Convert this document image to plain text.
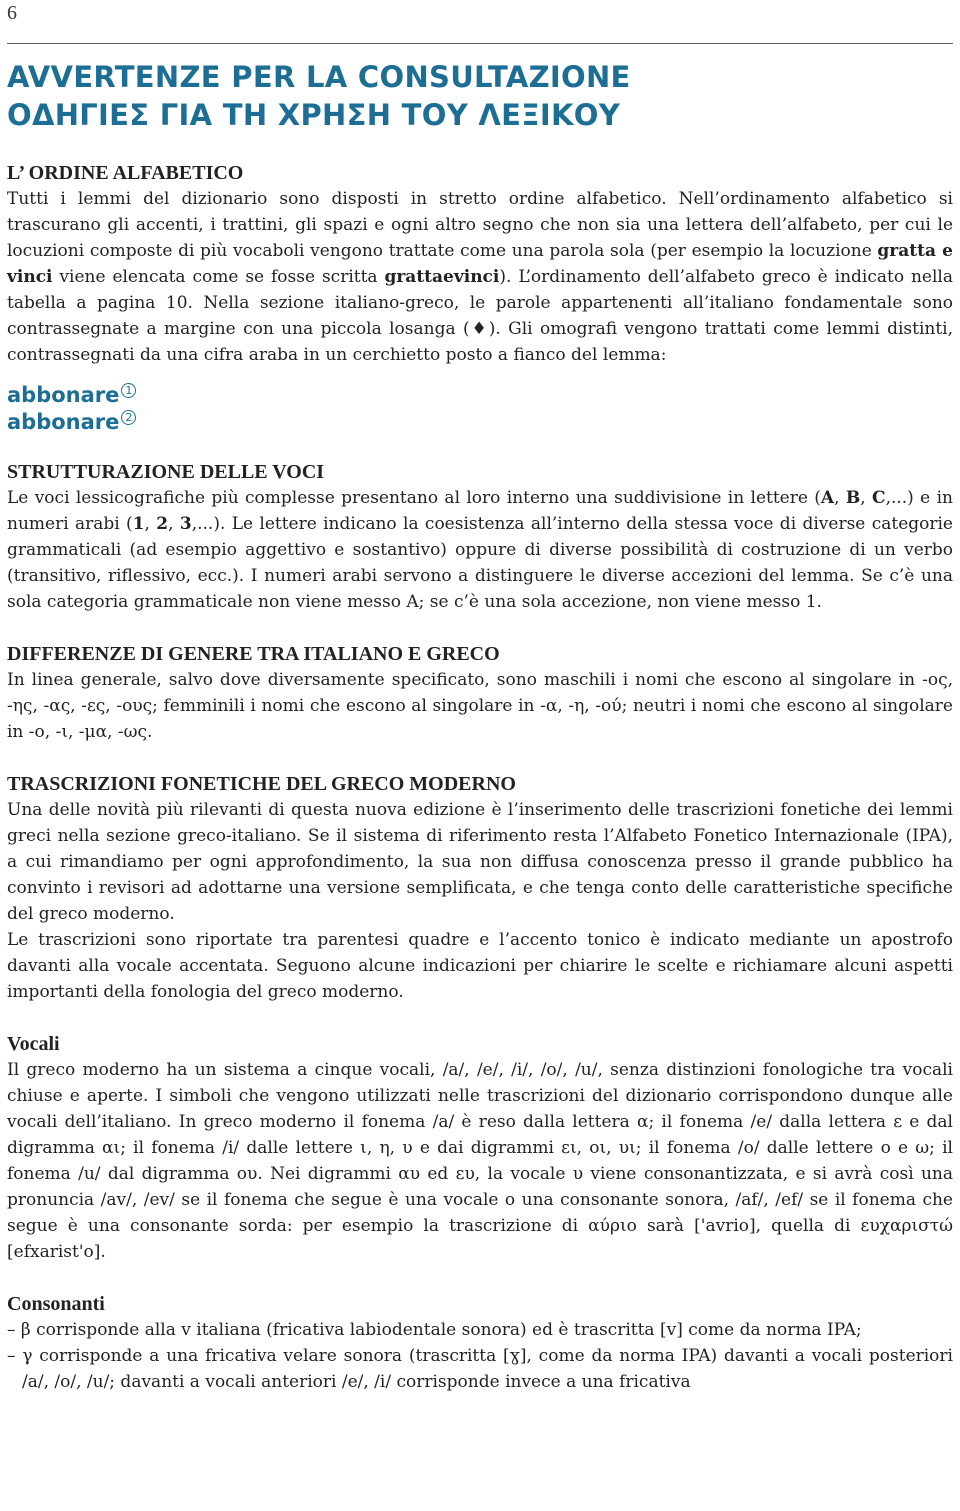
6
AVVERTENZE PER LA CONSULTAZIONE
ΟΔΗΓΙΕΣ ΓΙΑ ΤΗ ΧΡΗΣΗ ΤΟΥ ΛΕΞΙΚΟΥ
L’ ORDINE ALFABETICO

Tutti i lemmi del dizionario sono disposti in stretto ordine alfabetico. Nell’ordinamento alfabetico si trascurano gli accenti, i trattini, gli spazi e ogni altro segno che non sia una lettera dell’alfabeto, per cui le locuzioni composte di più vocaboli vengono trattate come una parola sola (per esempio la locuzione gratta e vinci viene elencata come se fosse scritta grattaevinci). L’ordinamento dell’alfabeto greco è indicato nella tabella a pagina 10. Nella sezione italiano-greco, le parole appartenenti all’italiano fondamentale sono contrassegnate a margine con una piccola losanga (♦). Gli omografi vengono trattati come lemmi distinti, contrassegnati da una cifra araba in un cerchietto posto a fianco del lemma:

abbonare 1

abbonare 2

STRUTTURAZIONE DELLE VOCI

Le voci lessicografiche più complesse presentano al loro interno una suddivisione in lettere (A, B, C,...) e in numeri arabi (1, 2, 3,...). Le lettere indicano la coesistenza all’interno della stessa voce di diverse categorie grammaticali (ad esempio aggettivo e sostantivo) oppure di diverse possibilità di costruzione di un verbo (transitivo, riflessivo, ecc.). I numeri arabi servono a distinguere le diverse accezioni del lemma. Se c’è una sola categoria grammaticale non viene messo A; se c’è una sola accezione, non viene messo 1.

DIFFERENZE DI GENERE TRA ITALIANO E GRECO

In linea generale, salvo dove diversamente specificato, sono maschili i nomi che escono al singolare in -ος, -ης, -ας, -ες, -ους; femminili i nomi che escono al singolare in -α, -η, -ού; neutri i nomi che escono al singolare in -ο, -ι, -μα, -ως.

TRASCRIZIONI FONETICHE DEL GRECO MODERNO

Una delle novità più rilevanti di questa nuova edizione è l’inserimento delle trascrizioni fonetiche dei lemmi greci nella sezione greco-italiano. Se il sistema di riferimento resta l’Alfabeto Fonetico Internazionale (IPA), a cui rimandiamo per ogni approfondimento, la sua non diffusa conoscenza presso il grande pubblico ha convinto i revisori ad adottarne una versione semplificata, e che tenga conto delle caratteristiche specifiche del greco moderno.

Le trascrizioni sono riportate tra parentesi quadre e l’accento tonico è indicato mediante un apostrofo davanti alla vocale accentata. Seguono alcune indicazioni per chiarire le scelte e richiamare alcuni aspetti importanti della fonologia del greco moderno.

Vocali

Il greco moderno ha un sistema a cinque vocali, /a/, /e/, /i/, /o/, /u/, senza distinzioni fonologiche tra vocali chiuse e aperte. I simboli che vengono utilizzati nelle trascrizioni del dizionario corrispondono dunque alle vocali dell’italiano. In greco moderno il fonema /a/ è reso dalla lettera α; il fonema /e/ dalla lettera ε e dal digramma αι; il fonema /i/ dalle lettere ι, η, υ e dai digrammi ει, οι, υι; il fonema /o/ dalle lettere ο e ω; il fonema /u/ dal digramma ου. Nei digrammi αυ ed ευ, la vocale υ viene consonantizzata, e si avrà così una pronuncia /av/, /ev/ se il fonema che segue è una vocale o una consonante sonora, /af/, /ef/ se il fonema che segue è una consonante sorda: per esempio la trascrizione di αύριο sarà ['avrio], quella di ευχαριστώ [efxarist'o].

Consonanti

– β corrisponde alla v italiana (fricativa labiodentale sonora) ed è trascritta [v] come da norma IPA;

– γ corrisponde a una fricativa velare sonora (trascritta [ɣ], come da norma IPA) davanti a vocali posteriori /a/, /o/, /u/; davanti a vocali anteriori /e/, /i/ corrisponde invece a una fricativa
